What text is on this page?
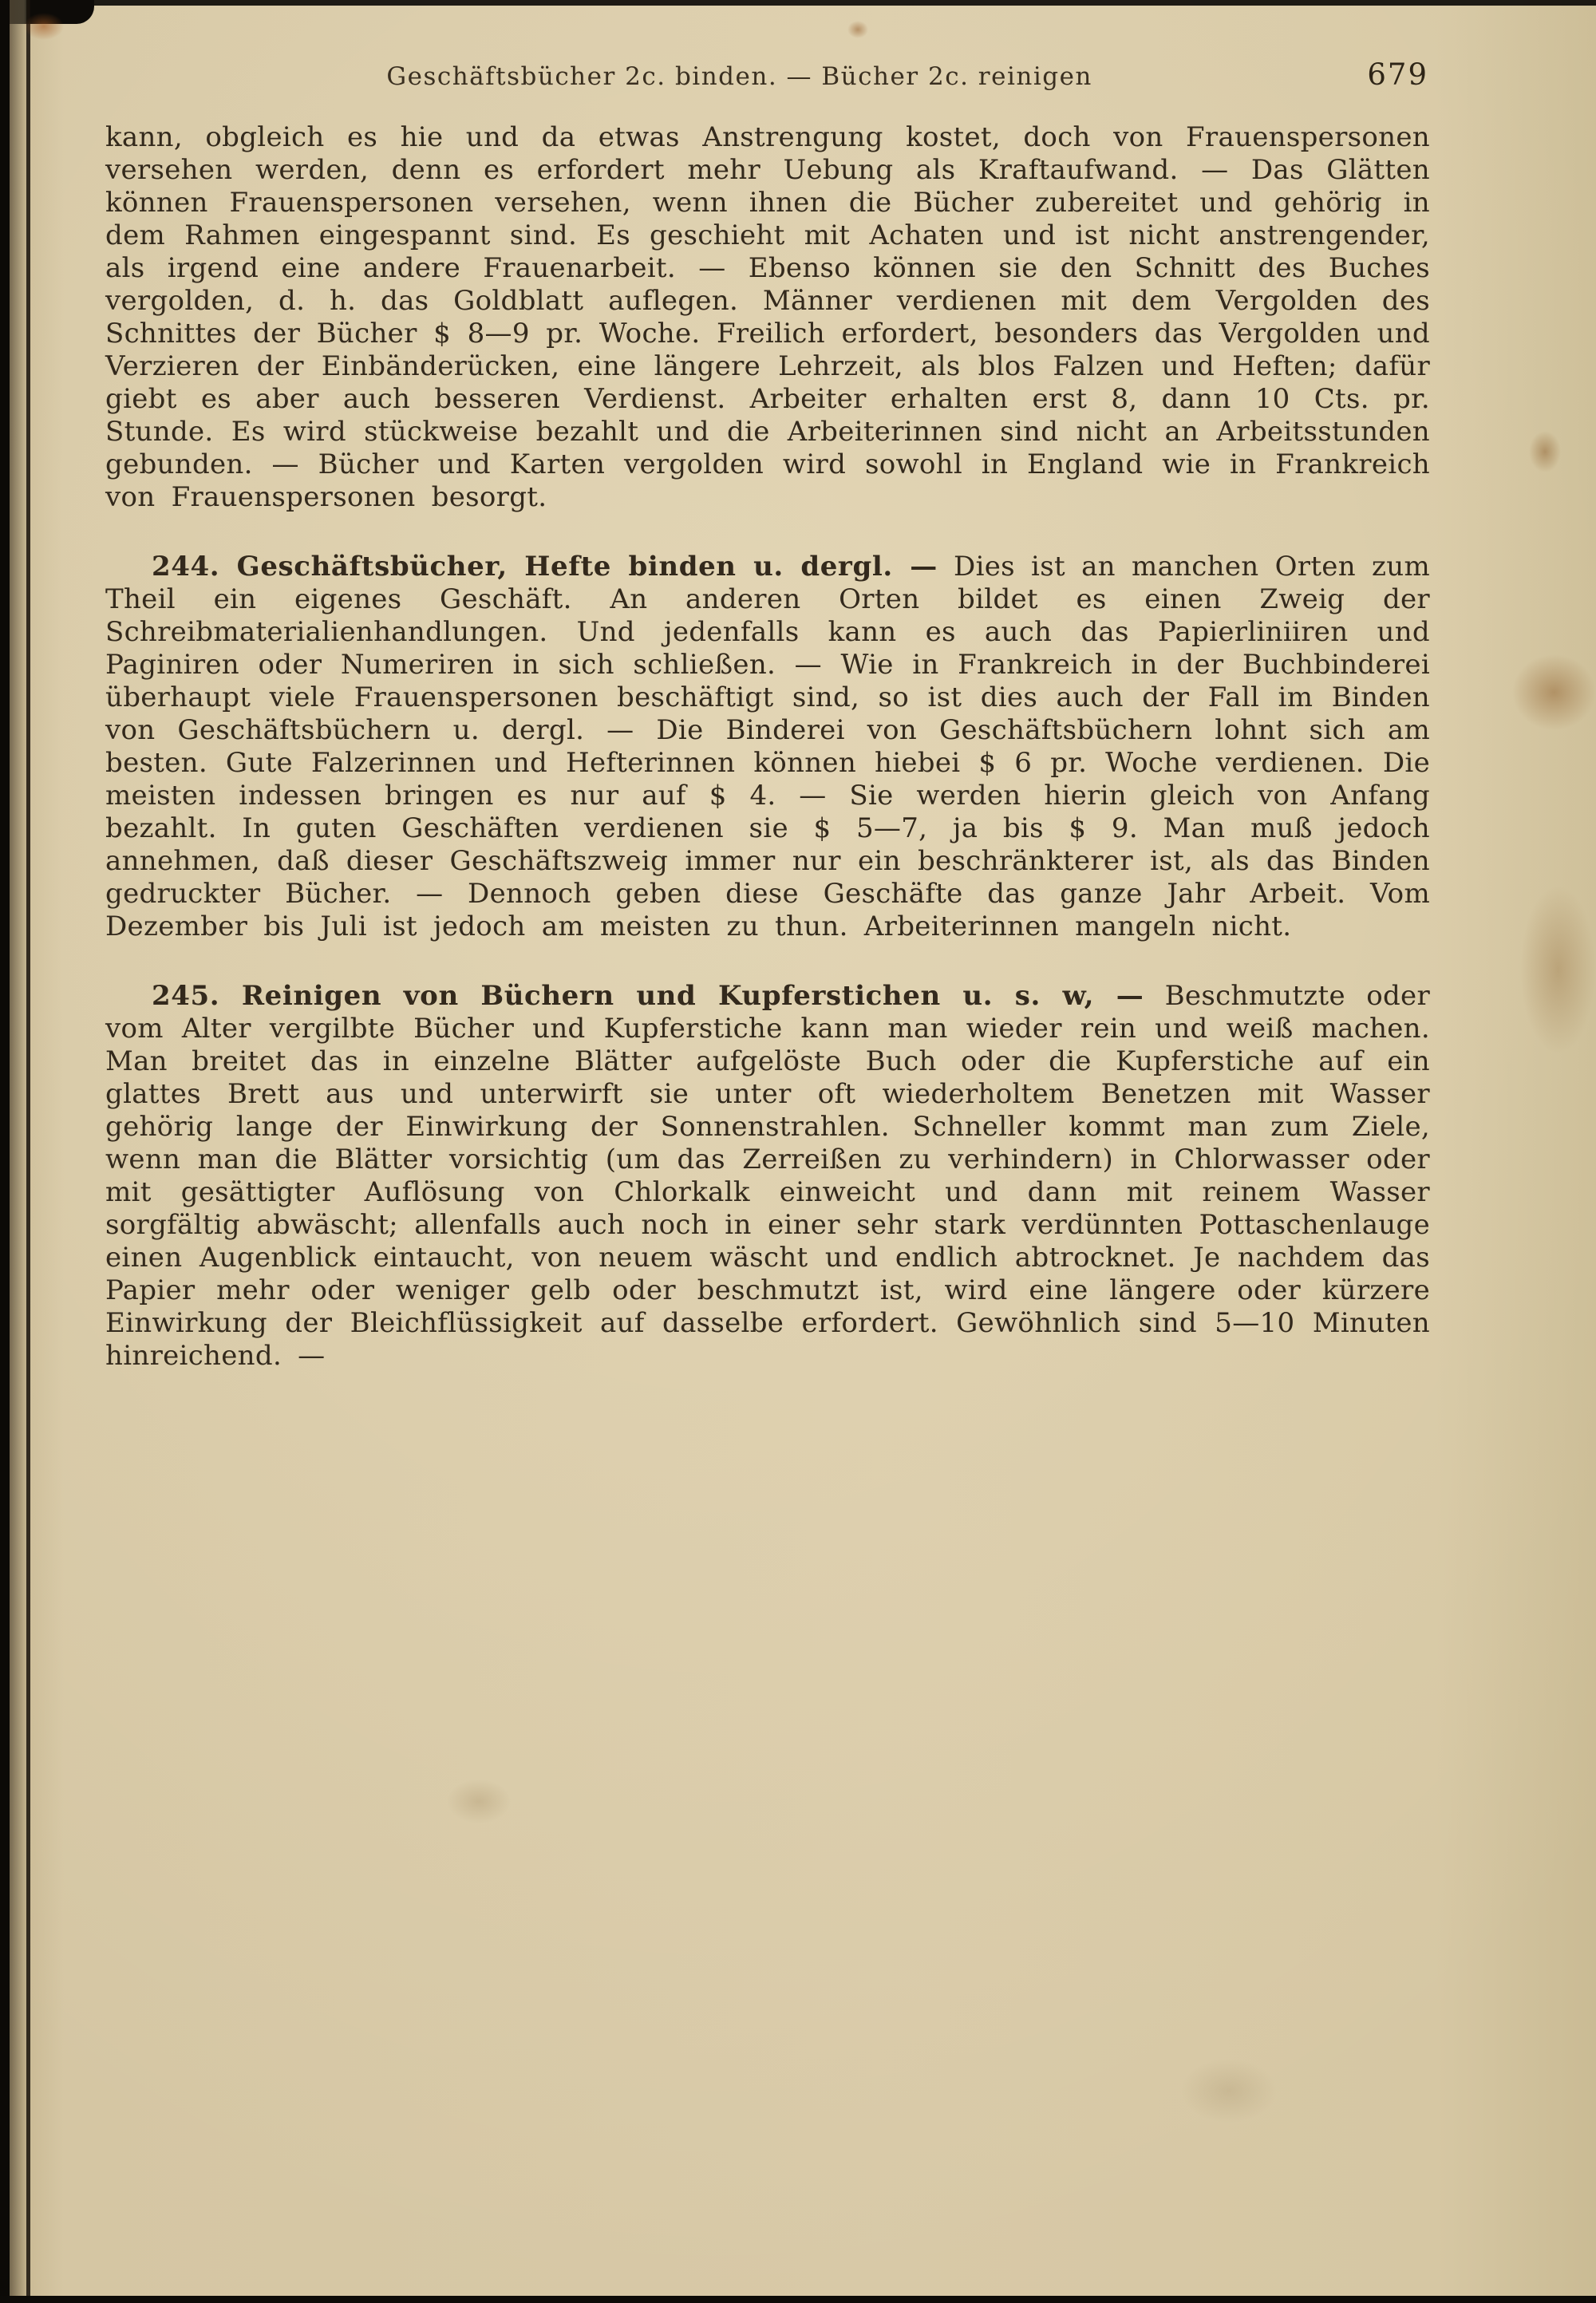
Geschäftsbücher 2c. binden. — Bücher 2c. reinigen	679

kann, obgleich es hie und da etwas Anstrengung kostet, doch von Frauenspersonen versehen werden, denn es erfordert mehr Uebung als Kraftaufwand. — Das Glätten können Frauenspersonen versehen, wenn ihnen die Bücher zubereitet und gehörig in dem Rahmen eingespannt sind. Es geschieht mit Achaten und ist nicht anstrengender, als irgend eine andere Frauenarbeit. — Ebenso können sie den Schnitt des Buches vergolden, d. h. das Goldblatt auflegen. Männer verdienen mit dem Vergolden des Schnittes der Bücher $ 8—9 pr. Woche. Freilich erfordert, besonders das Vergolden und Verzieren der Einbänderücken, eine längere Lehrzeit, als blos Falzen und Heften; dafür giebt es aber auch besseren Verdienst. Arbeiter erhalten erst 8, dann 10 Cts. pr. Stunde. Es wird stückweise bezahlt und die Arbeiterinnen sind nicht an Arbeitsstunden gebunden. — Bücher und Karten vergolden wird sowohl in England wie in Frankreich von Frauenspersonen besorgt.

244. Geschäftsbücher, Hefte binden u. dergl. — Dies ist an manchen Orten zum Theil ein eigenes Geschäft. An anderen Orten bildet es einen Zweig der Schreibmaterialienhandlungen. Und jedenfalls kann es auch das Papierliniiren und Paginiren oder Numeriren in sich schließen. — Wie in Frankreich in der Buchbinderei überhaupt viele Frauenspersonen beschäftigt sind, so ist dies auch der Fall im Binden von Geschäftsbüchern u. dergl. — Die Binderei von Geschäftsbüchern lohnt sich am besten. Gute Falzerinnen und Hefterinnen können hiebei $ 6 pr. Woche verdienen. Die meisten indessen bringen es nur auf $ 4. — Sie werden hierin gleich von Anfang bezahlt. In guten Geschäften verdienen sie $ 5—7, ja bis $ 9. Man muß jedoch annehmen, daß dieser Geschäftszweig immer nur ein beschränkterer ist, als das Binden gedruckter Bücher. — Dennoch geben diese Geschäfte das ganze Jahr Arbeit. Vom Dezember bis Juli ist jedoch am meisten zu thun. Arbeiterinnen mangeln nicht.

245. Reinigen von Büchern und Kupferstichen u. s. w, — Beschmutzte oder vom Alter vergilbte Bücher und Kupferstiche kann man wieder rein und weiß machen. Man breitet das in einzelne Blätter aufgelöste Buch oder die Kupferstiche auf ein glattes Brett aus und unterwirft sie unter oft wiederholtem Benetzen mit Wasser gehörig lange der Einwirkung der Sonnenstrahlen. Schneller kommt man zum Ziele, wenn man die Blätter vorsichtig (um das Zerreißen zu verhindern) in Chlorwasser oder mit gesättigter Auflösung von Chlorkalk einweicht und dann mit reinem Wasser sorgfältig abwäscht; allenfalls auch noch in einer sehr stark verdünnten Pottaschenlauge einen Augenblick eintaucht, von neuem wäscht und endlich abtrocknet. Je nachdem das Papier mehr oder weniger gelb oder beschmutzt ist, wird eine längere oder kürzere Einwirkung der Bleichflüssigkeit auf dasselbe erfordert. Gewöhnlich sind 5—10 Minuten hinreichend. —
